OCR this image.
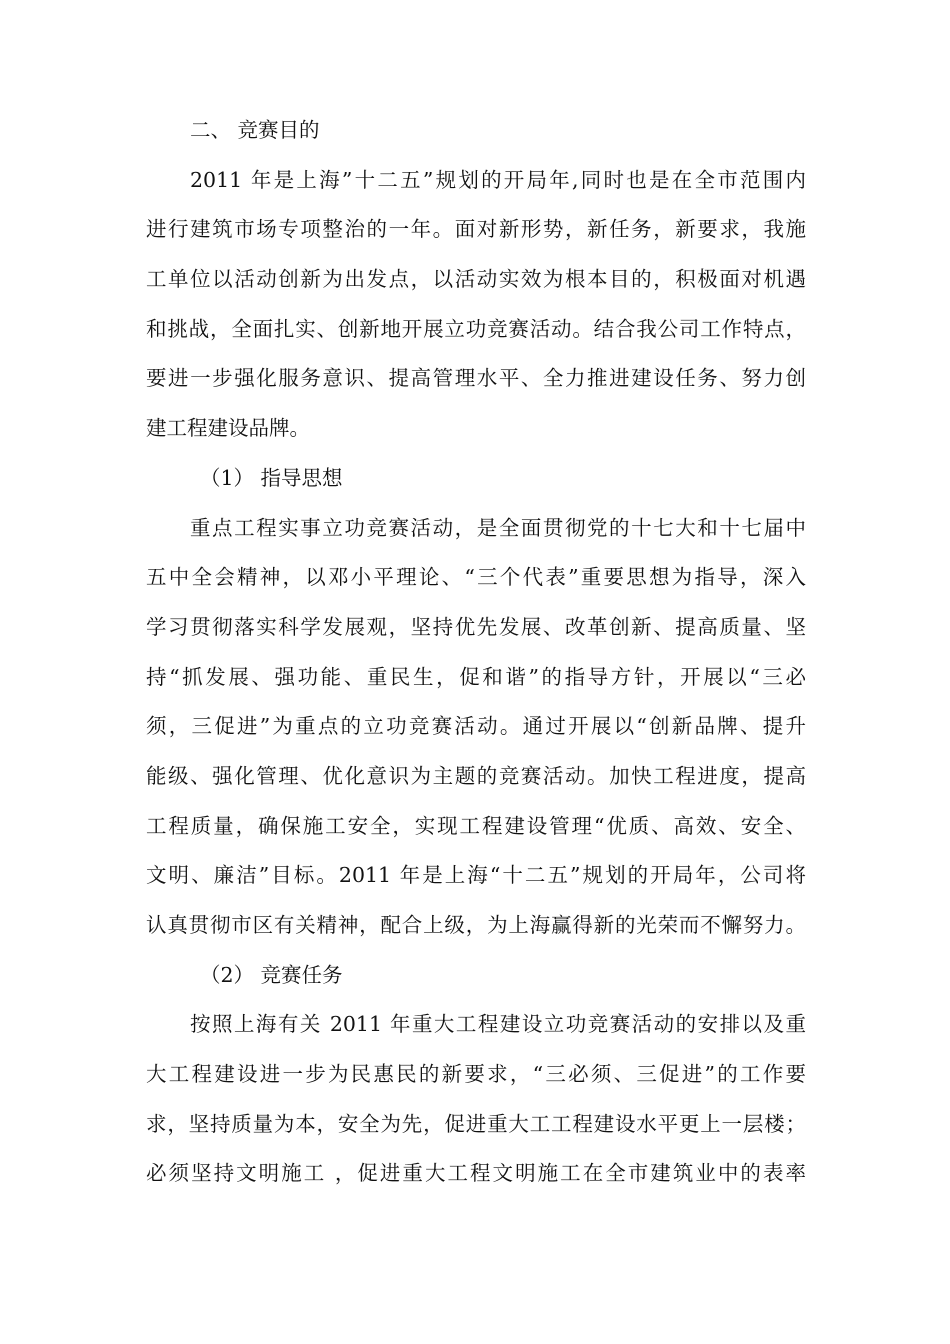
二、 竞赛目的
2011 年是上海”十二五”规划的开局年,同时也是在全市范围内
进行建筑市场专项整治的一年。面对新形势，新任务，新要求，我施
工单位以活动创新为出发点，以活动实效为根本目的，积极面对机遇
和挑战，全面扎实、创新地开展立功竞赛活动。结合我公司工作特点，
要进一步强化服务意识、提高管理水平、全力推进建设任务、努力创
建工程建设品牌。
（1） 指导思想
重点工程实事立功竞赛活动，是全面贯彻党的十七大和十七届中
五中全会精神，以邓小平理论、“三个代表”重要思想为指导，深入
学习贯彻落实科学发展观，坚持优先发展、改革创新、提高质量、坚
持“抓发展、强功能、重民生，促和谐”的指导方针，开展以“三必
须，三促进”为重点的立功竞赛活动。通过开展以“创新品牌、提升
能级、强化管理、优化意识为主题的竞赛活动。加快工程进度，提高
工程质量，确保施工安全，实现工程建设管理“优质、高效、安全、
文明、廉洁”目标。2011 年是上海“十二五”规划的开局年，公司将
认真贯彻市区有关精神，配合上级，为上海赢得新的光荣而不懈努力。
（2） 竞赛任务
按照上海有关 2011 年重大工程建设立功竞赛活动的安排以及重
大工程建设进一步为民惠民的新要求，“三必须、三促进”的工作要
求，坚持质量为本，安全为先，促进重大工工程建设水平更上一层楼；
必须坚持文明施工 ，促进重大工程文明施工在全市建筑业中的表率
